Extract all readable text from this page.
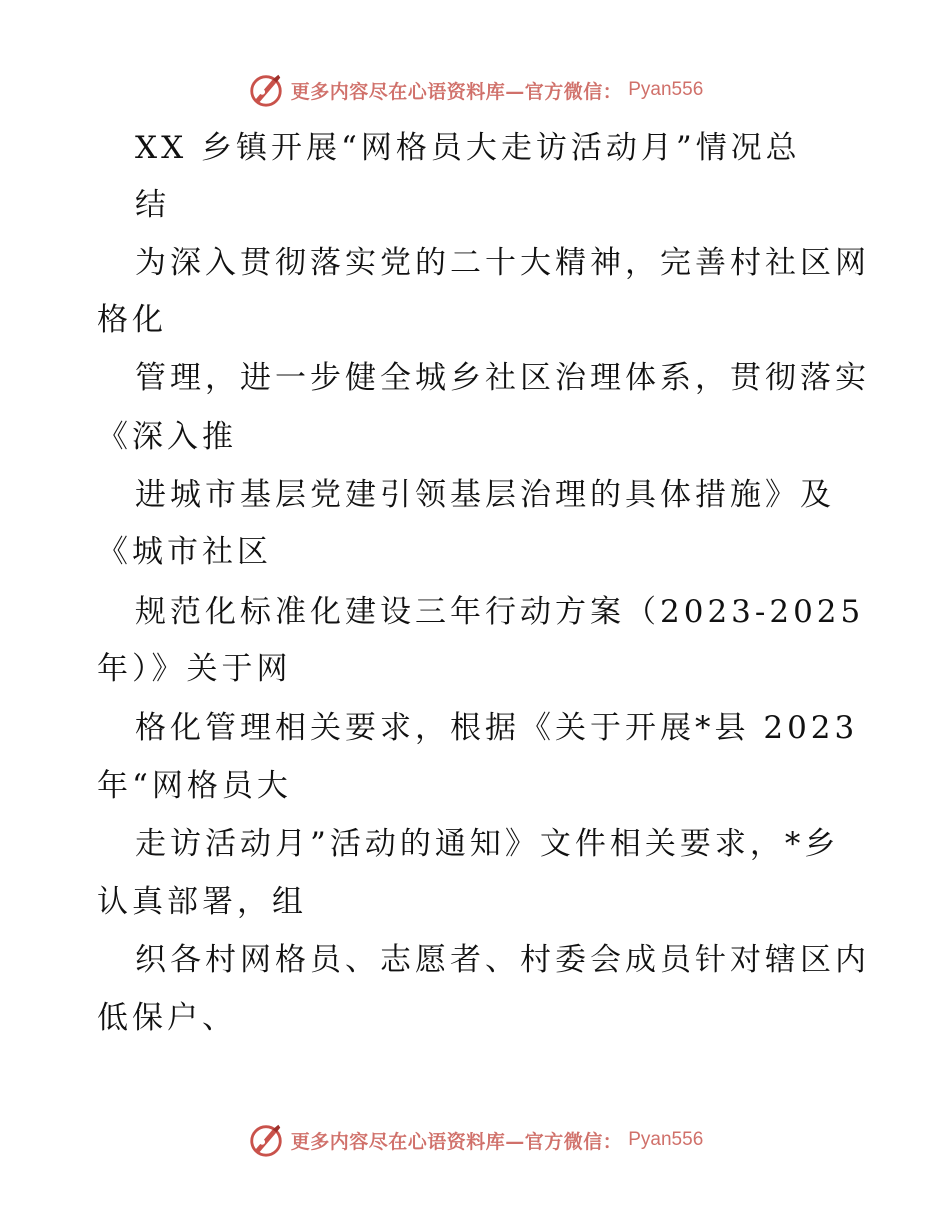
更多内容尽在心语资料库—官方微信： Pyan556
XX 乡镇开展“网格员大走访活动月”情况总
结
为深入贯彻落实党的二十大精神，完善村社区网
格化
管理，进一步健全城乡社区治理体系，贯彻落实
《深入推
进城市基层党建引领基层治理的具体措施》及
《城市社区
规范化标准化建设三年行动方案（2023-2025
年）》关于网
格化管理相关要求，根据《关于开展*县 2023
年“网格员大
走访活动月”活动的通知》文件相关要求，*乡
认真部署，组
织各村网格员、志愿者、村委会成员针对辖区内
低保户、
更多内容尽在心语资料库—官方微信： Pyan556
